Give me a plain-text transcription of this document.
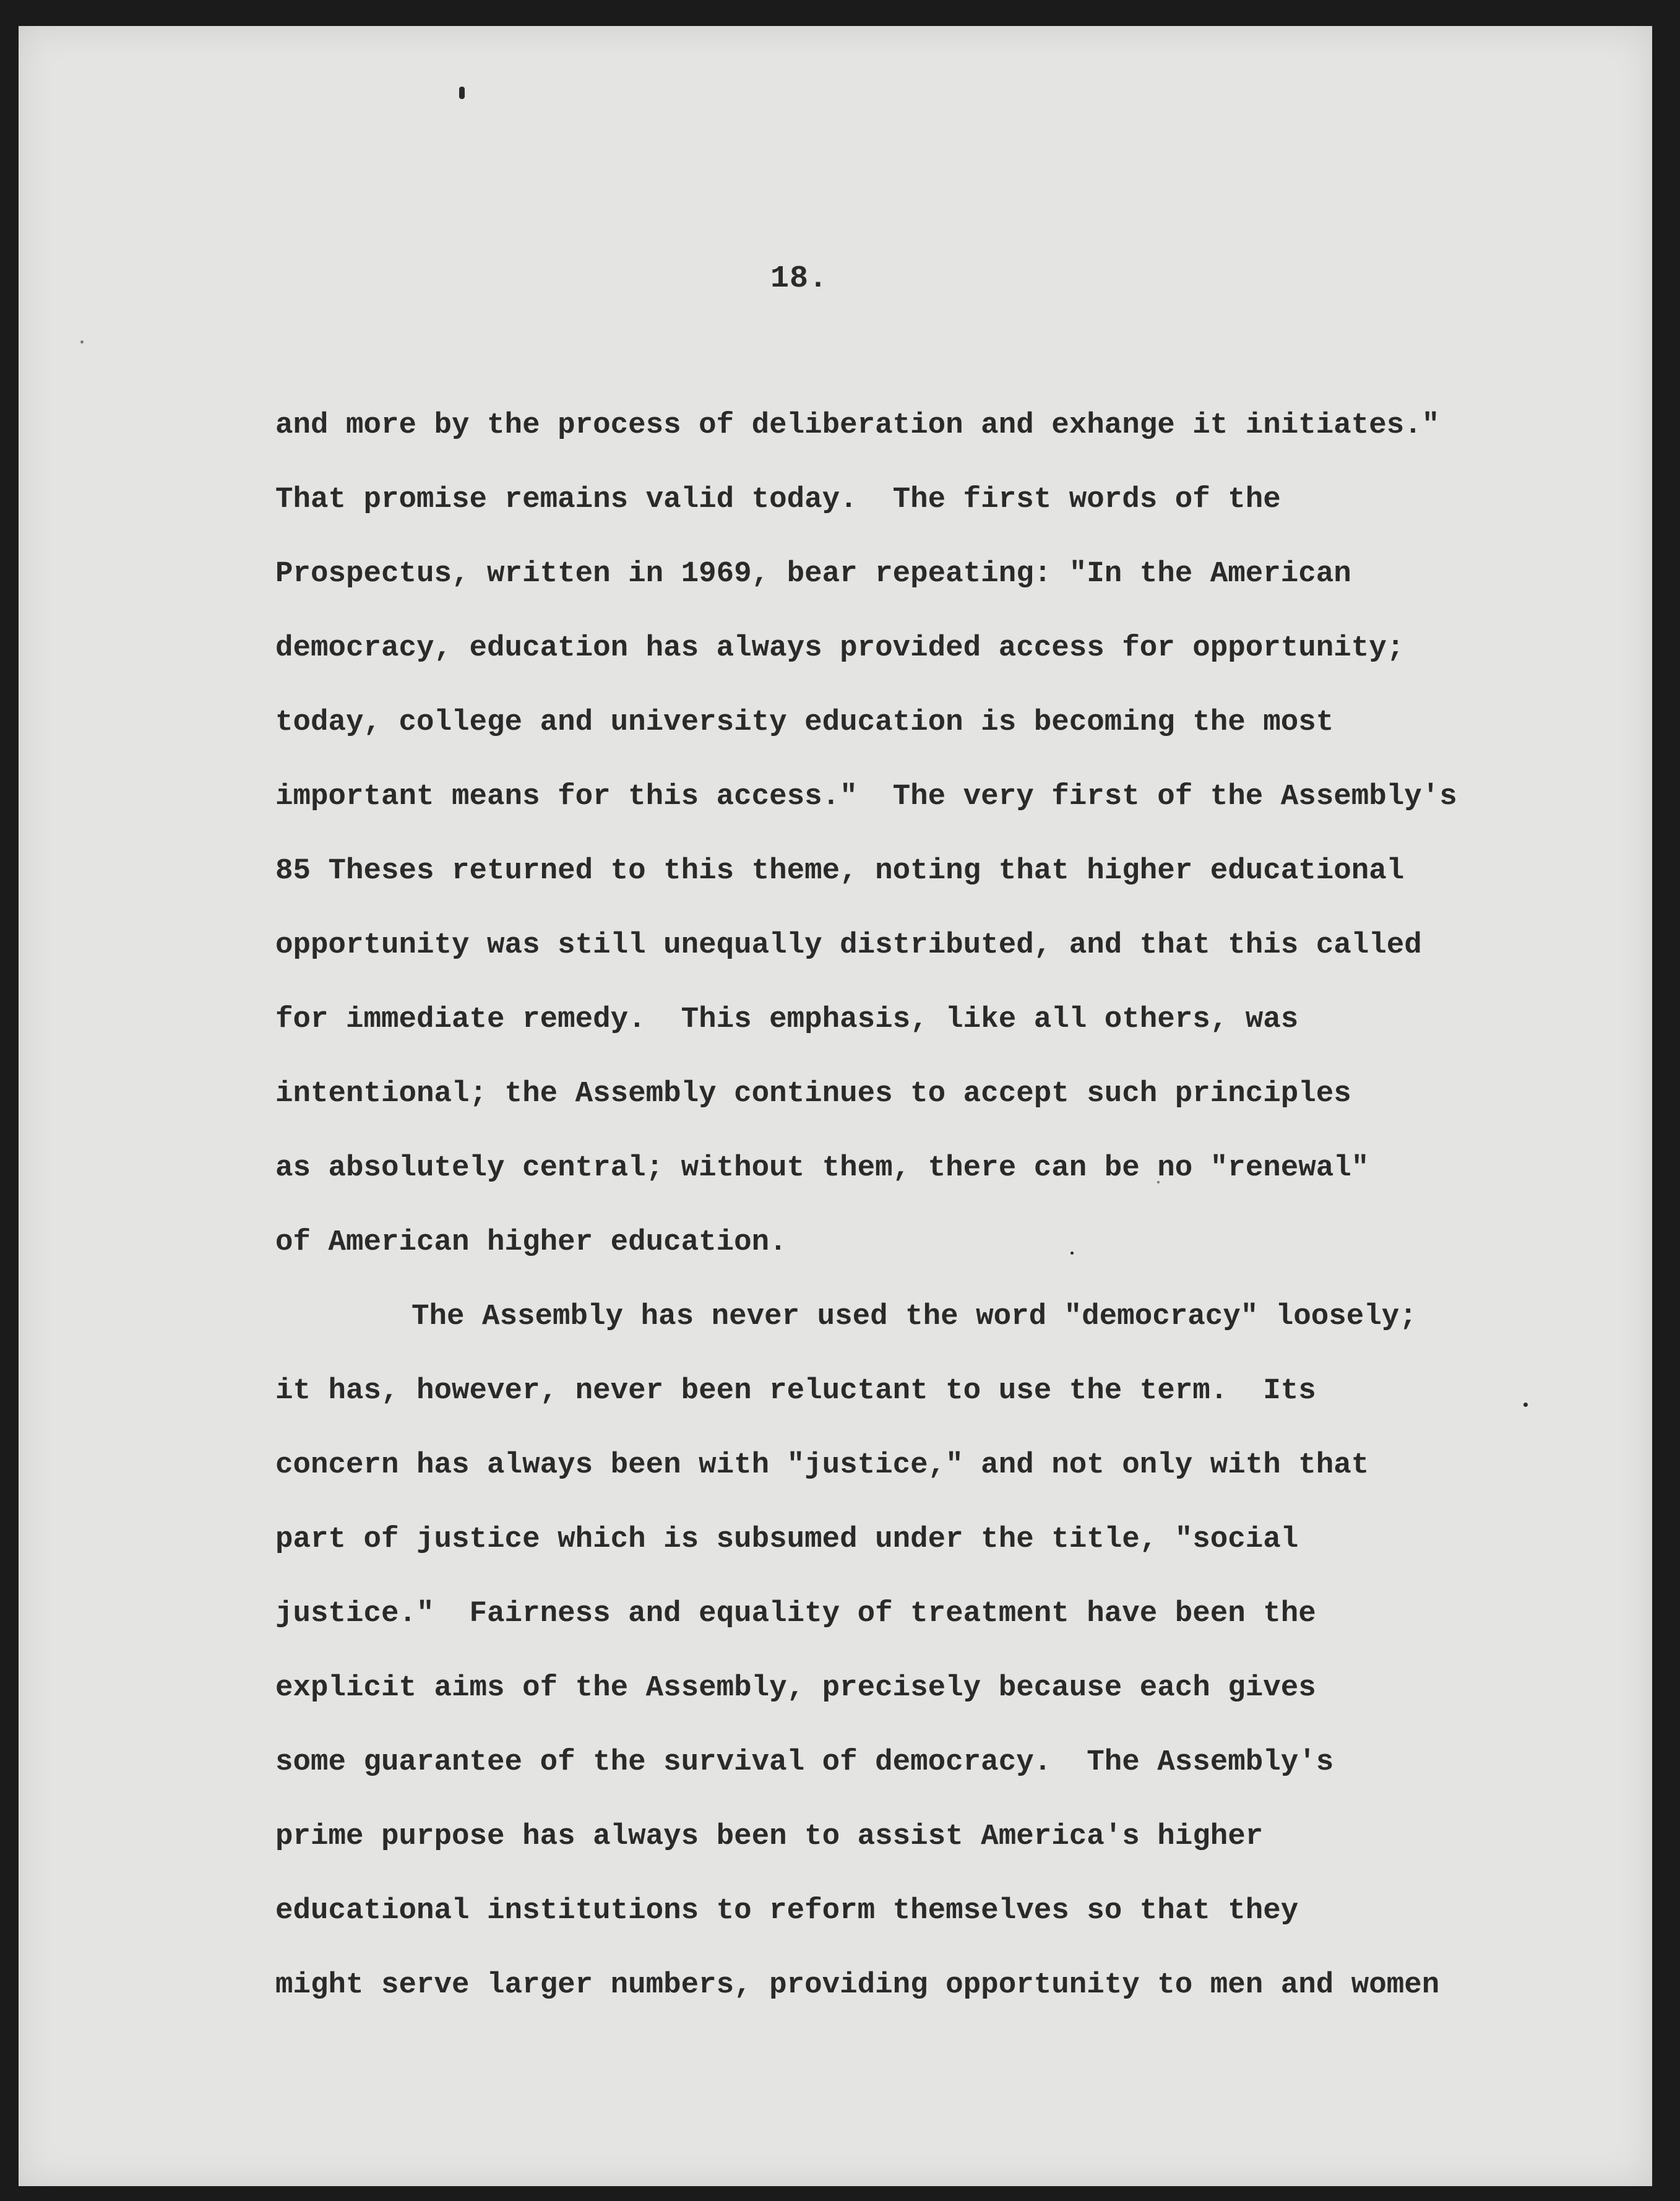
18.

and more by the process of deliberation and exhange it initiates."

That promise remains valid today.  The first words of the

Prospectus, written in 1969, bear repeating: "In the American

democracy, education has always provided access for opportunity;

today, college and university education is becoming the most

important means for this access."  The very first of the Assembly's

85 Theses returned to this theme, noting that higher educational

opportunity was still unequally distributed, and that this called

for immediate remedy.  This emphasis, like all others, was

intentional; the Assembly continues to accept such principles

as absolutely central; without them, there can be no "renewal"

of American higher education.

The Assembly has never used the word "democracy" loosely;

it has, however, never been reluctant to use the term.  Its

concern has always been with "justice," and not only with that

part of justice which is subsumed under the title, "social

justice."  Fairness and equality of treatment have been the

explicit aims of the Assembly, precisely because each gives

some guarantee of the survival of democracy.  The Assembly's

prime purpose has always been to assist America's higher

educational institutions to reform themselves so that they

might serve larger numbers, providing opportunity to men and women
